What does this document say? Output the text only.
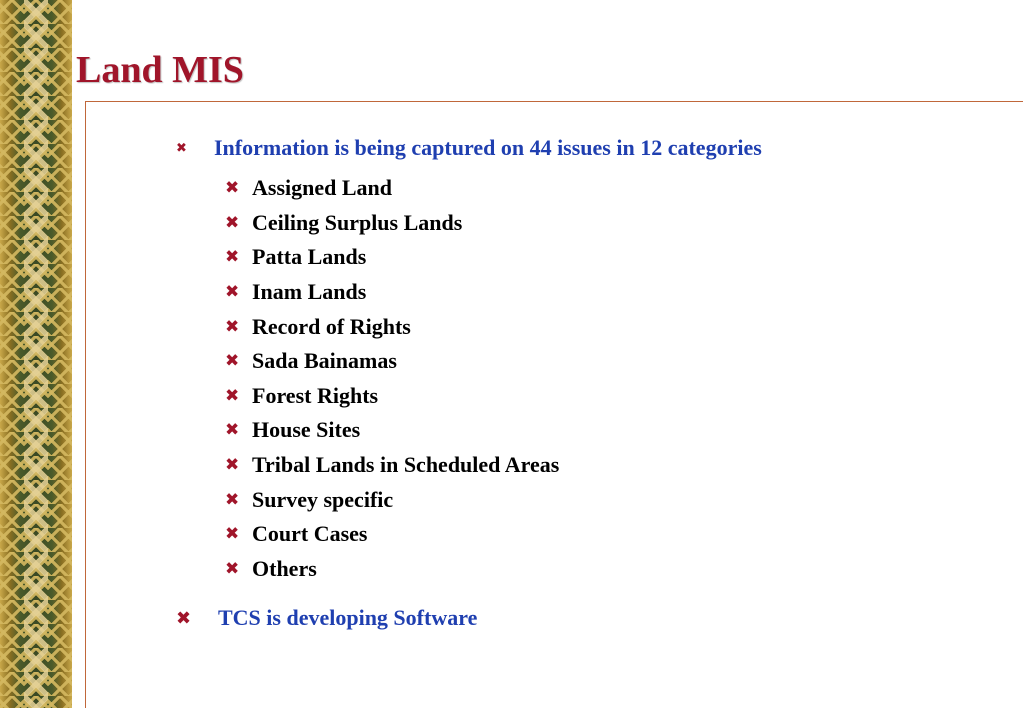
Land MIS
✖	Information is being captured on 44 issues in 12 categories
✖ Assigned Land
✖ Ceiling Surplus Lands
✖ Patta Lands
✖ Inam Lands
✖ Record of Rights
✖ Sada Bainamas
✖ Forest Rights
✖ House Sites
✖ Tribal Lands in Scheduled Areas
✖ Survey specific
✖ Court Cases
✖ Others
✖	TCS is developing Software
